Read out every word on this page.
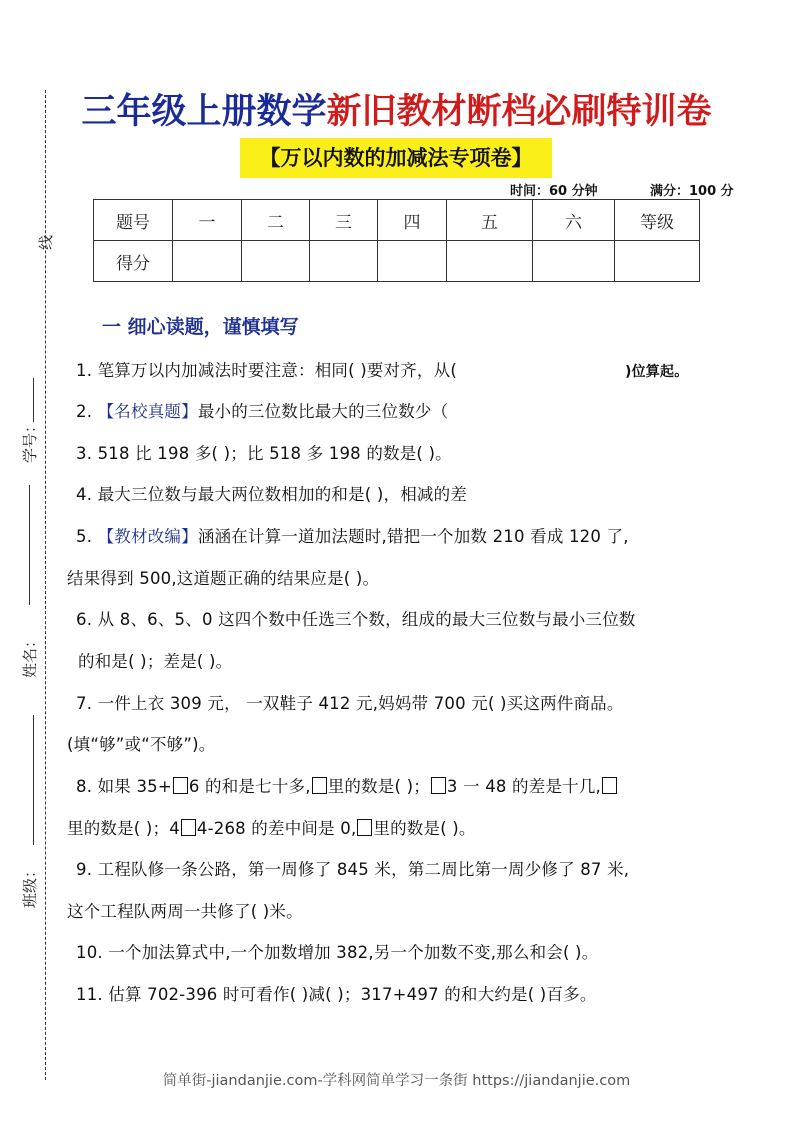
线
学号：
姓名：
班级：
三年级上册数学新旧教材断档必刷特训卷
【万以内数的加减法专项卷】
时间：60 分钟	满分：100 分
题号	一	二	三	四	五	六	等级
得分							
一 细心读题，谨慎填写
1. 笔算万以内加减法时要注意：相同( )要对齐，从(	)位算起。
2. 【名校真题】最小的三位数比最大的三位数少（
3. 518 比 198 多( )；比 518 多 198 的数是( )。
4. 最大三位数与最大两位数相加的和是( )，相减的差
5. 【教材改编】涵涵在计算一道加法题时,错把一个加数 210 看成 120 了,
结果得到 500,这道题正确的结果应是( )。
6. 从 8、6、5、0 这四个数中任选三个数，组成的最大三位数与最小三位数
的和是( )；差是( )。
7. 一件上衣 309 元， 一双鞋子 412 元,妈妈带 700 元( )买这两件商品。
(填“够”或“不够”)。
8. 如果 35+ 6 的和是七十多, 里的数是( )； 3 一 48 的差是十几,
里的数是( )；4 4-268 的差中间是 0, 里的数是( )。
9. 工程队修一条公路，第一周修了 845 米，第二周比第一周少修了 87 米,
这个工程队两周一共修了( )米。
10. 一个加法算式中,一个加数增加 382,另一个加数不变,那么和会( )。
11. 估算 702-396 时可看作( )减( )；317+497 的和大约是( )百多。
简单街-jiandanjie.com-学科网简单学习一条街 https://jiandanjie.com
